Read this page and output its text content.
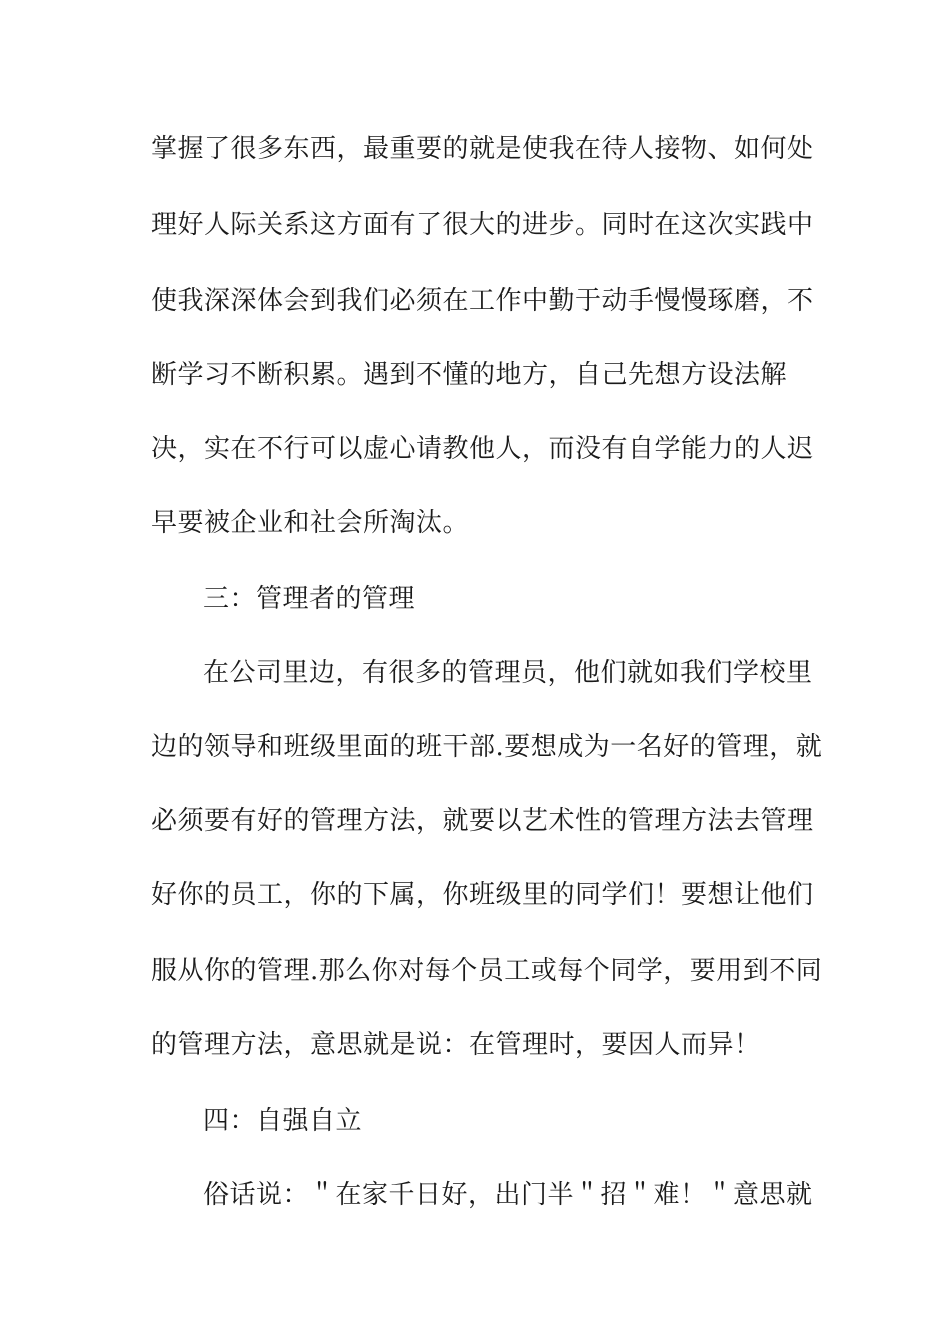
掌握了很多东西，最重要的就是使我在待人接物、如何处
理好人际关系这方面有了很大的进步。同时在这次实践中
使我深深体会到我们必须在工作中勤于动手慢慢琢磨，不
断学习不断积累。遇到不懂的地方，自己先想方设法解
决，实在不行可以虚心请教他人，而没有自学能力的人迟
早要被企业和社会所淘汰。
三：管理者的管理
在公司里边，有很多的管理员，他们就如我们学校里
边的领导和班级里面的班干部.要想成为一名好的管理，就
必须要有好的管理方法，就要以艺术性的管理方法去管理
好你的员工，你的下属，你班级里的同学们！要想让他们
服从你的管理.那么你对每个员工或每个同学，要用到不同
的管理方法，意思就是说：在管理时，要因人而异！
四：自强自立
俗话说：＂在家千日好，出门半＂招＂难！＂意思就
